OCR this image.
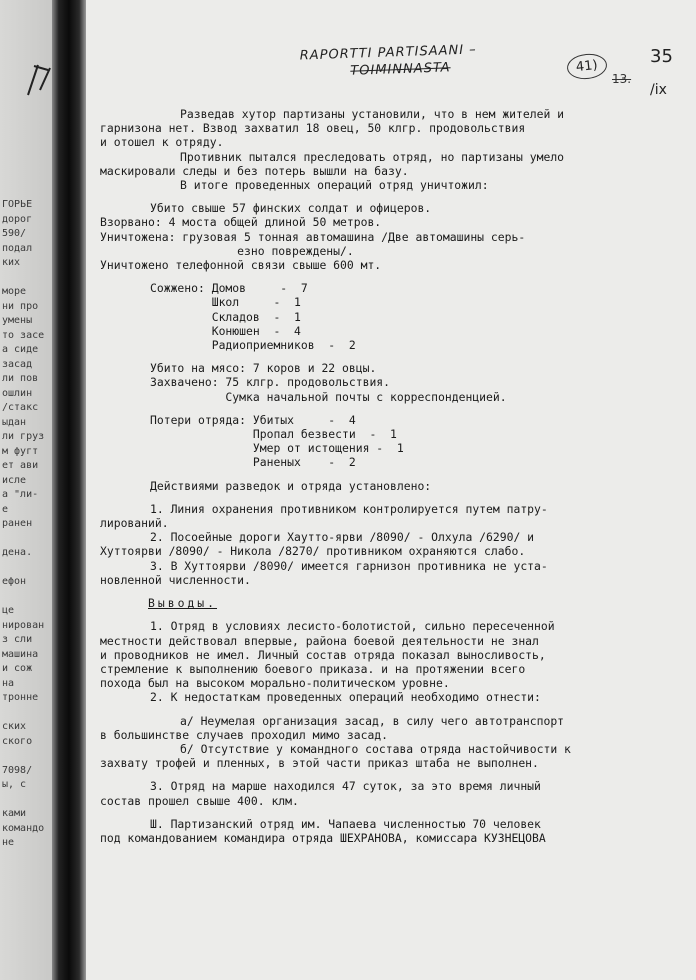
ГОРЬЕ
дорог
590/
подал
ких
море
ни про
умены
то засе
а сиде
засад
ли пов
ошлин
/стакс
ыдан
ли груз
м фугт
ет ави
исле
а "ли-
е
ранен
дена.
ефон
це
нирован
з сли
машина
и сож
на
тронне
ских
ского
7098/
ы, с
ками
командо
не
RAPORTTI PARTISAANI –
TOIMINNASTA	41)
13.
35
/ix
Разведав хутор партизаны установили, что в нем жителей и
гарнизона нет. Взвод захватил 18 овец, 50 клгр. продовольствия
и отошел к отряду.
Противник пытался преследовать отряд, но партизаны умело
маскировали следы и без потерь вышли на базу.
В итоге проведенных операций отряд уничтожил:
Убито свыше 57 финских солдат и офицеров.
Взорвано: 4 моста общей длиной 50 метров.
Уничтожена: грузовая 5 тонная автомашина /Две автомашины серь-
езно повреждены/.
Уничтожено телефонной связи свыше 600 мт.
Сожжено: Домов     -  7
Школ     -  1
Складов  -  1
Конюшен  -  4
Радиоприемников  -  2
Убито на мясо: 7 коров и 22 овцы.
Захвачено: 75 клгр. продовольствия.
Сумка начальной почты с корреспонденцией.
Потери отряда: Убитых     -  4
Пропал безвести  -  1
Умер от истощения -  1
Раненых    -  2
Действиями разведок и отряда установлено:
1. Линия охранения противником контролируется путем патру-
лирований.
2. Посоейные дороги Хаутто-ярви /8090/ - Олхула /6290/ и
Хуттоярви /8090/ - Никола /8270/ противником охраняются слабо.
3. В Хуттоярви /8090/ имеется гарнизон противника не уста-
новленной численности.
Выводы.
1. Отряд в условиях лесисто-болотистой, сильно пересеченной
местности действовал впервые, района боевой деятельности не знал
и проводников не имел. Личный состав отряда показал выносливость,
стремление к выполнению боевого приказа. и на протяжении всего
похода был на высоком морально-политическом уровне.
2. К недостаткам проведенных операций необходимо отнести:
а/ Неумелая организация засад, в силу чего автотранспорт
в большинстве случаев проходил мимо засад.
б/ Отсутствие у командного состава отряда настойчивости к
захвату трофей и пленных, в этой части приказ штаба не выполнен.
3. Отряд на марше находился 47 суток, за это время личный
состав прошел свыше 400. клм.
Ш. Партизанский отряд им. Чапаева численностью 70 человек
под командованием командира отряда ШЕХРАНОВА, комиссара КУЗНЕЦОВА
